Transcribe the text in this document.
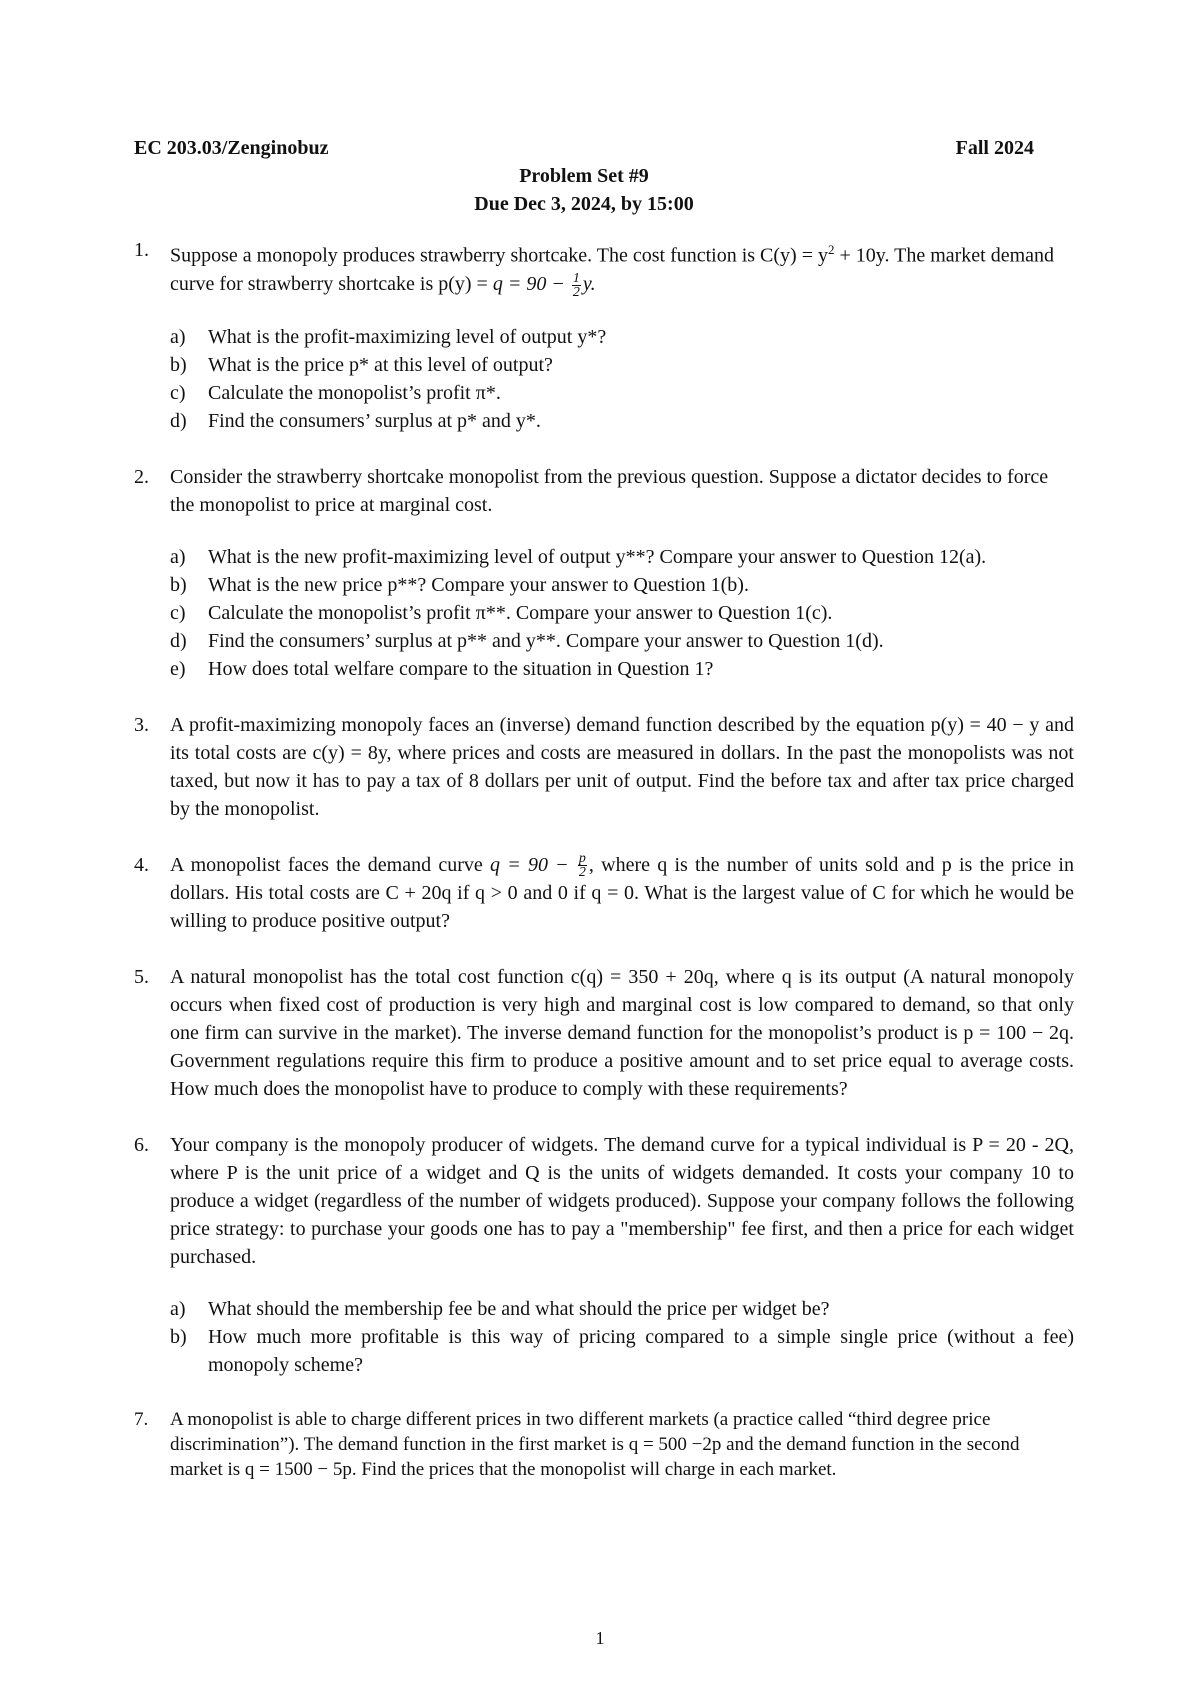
EC 203.03/Zenginobuz	Fall 2024
Problem Set #9
Due Dec 3, 2024, by 15:00
1.	Suppose a monopoly produces strawberry shortcake. The cost function is $C(y) = y^2 + 10y$. The market demand curve for strawberry shortcake is $p(y) = q = 90 - \frac{1}{2} y$.
a)	What is the profit-maximizing level of output y*?
b)	What is the price p* at this level of output?
c)	Calculate the monopolist’s profit π*.
d)	Find the consumers’ surplus at p* and y*.
2.	Consider the strawberry shortcake monopolist from the previous question. Suppose a dictator decides to force the monopolist to price at marginal cost.
a)	What is the new profit-maximizing level of output y**? Compare your answer to Question 12(a).
b)	What is the new price p**? Compare your answer to Question 1(b).
c)	Calculate the monopolist’s profit π**. Compare your answer to Question 1(c).
d)	Find the consumers’ surplus at p** and y**. Compare your answer to Question 1(d).
e)	How does total welfare compare to the situation in Question 1?
3.	A profit-maximizing monopoly faces an (inverse) demand function described by the equation p(y) = 40 − y and its total costs are c(y) = 8y, where prices and costs are measured in dollars. In the past the monopolists was not taxed, but now it has to pay a tax of 8 dollars per unit of output. Find the before tax and after tax price charged by the monopolist.
4.	A monopolist faces the demand curve $q = 90 - \frac{p}{2}$ , where q is the number of units sold and p is the price in dollars. His total costs are C + 20q if q > 0 and 0 if q = 0. What is the largest value of C for which he would be willing to produce positive output?
5.	A natural monopolist has the total cost function c(q) = 350 + 20q, where q is its output (A natural monopoly occurs when fixed cost of production is very high and marginal cost is low compared to demand, so that only one firm can survive in the market). The inverse demand function for the monopolist’s product is p = 100 − 2q. Government regulations require this firm to produce a positive amount and to set price equal to average costs. How much does the monopolist have to produce to comply with these requirements?
6.	Your company is the monopoly producer of widgets. The demand curve for a typical individual is P = 20 - 2Q, where P is the unit price of a widget and Q is the units of widgets demanded. It costs your company 10 to produce a widget (regardless of the number of widgets produced). Suppose your company follows the following price strategy: to purchase your goods one has to pay a "membership" fee first, and then a price for each widget purchased.
a)	What should the membership fee be and what should the price per widget be?
b)	How much more profitable is this way of pricing compared to a simple single price (without a fee) monopoly scheme?
7.	A monopolist is able to charge different prices in two different markets (a practice called “third degree price discrimination”). The demand function in the first market is q = 500 −2p and the demand function in the second market is q = 1500 − 5p. Find the prices that the monopolist will charge in each market.
1
